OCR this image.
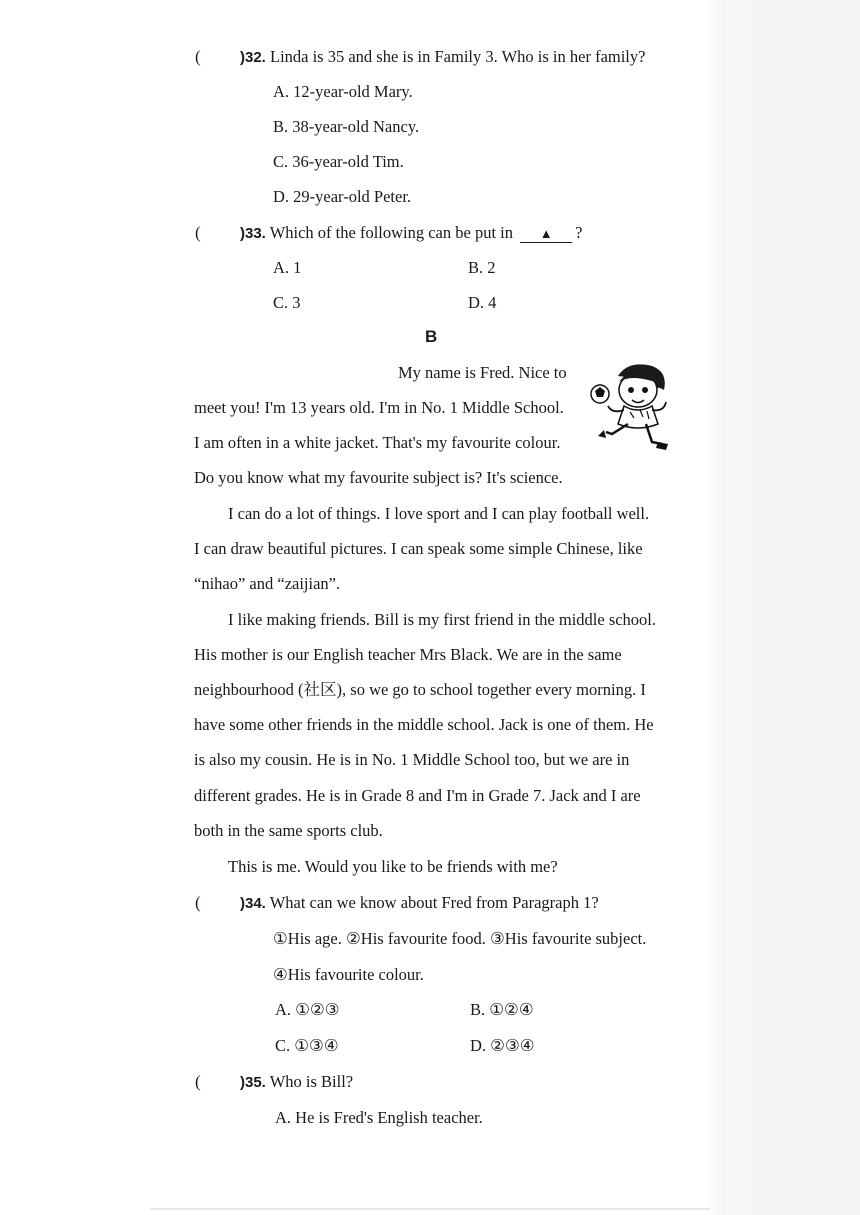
(	)32. Linda is 35 and she is in Family 3. Who is in her family?
A. 12-year-old Mary.
B. 38-year-old Nancy.
C. 36-year-old Tim.
D. 29-year-old Peter.
(	)33. Which of the following can be put in ▲ ?
A. 1	B. 2
C. 3	D. 4
B
My name is Fred. Nice to
meet you! I'm 13 years old. I'm in No. 1 Middle School.
I am often in a white jacket. That's my favourite colour.
Do you know what my favourite subject is? It's science.
I can do a lot of things. I love sport and I can play football well.
I can draw beautiful pictures. I can speak some simple Chinese, like
“nihao” and “zaijian”.
I like making friends. Bill is my first friend in the middle school.
His mother is our English teacher Mrs Black. We are in the same
neighbourhood (社区), so we go to school together every morning. I
have some other friends in the middle school. Jack is one of them. He
is also my cousin. He is in No. 1 Middle School too, but we are in
different grades. He is in Grade 8 and I'm in Grade 7. Jack and I are
both in the same sports club.
This is me. Would you like to be friends with me?
(	)34. What can we know about Fred from Paragraph 1?
①His age. ②His favourite food. ③His favourite subject.
④His favourite colour.
A. ①②③	B. ①②④
C. ①③④	D. ②③④
(	)35. Who is Bill?
A. He is Fred's English teacher.
